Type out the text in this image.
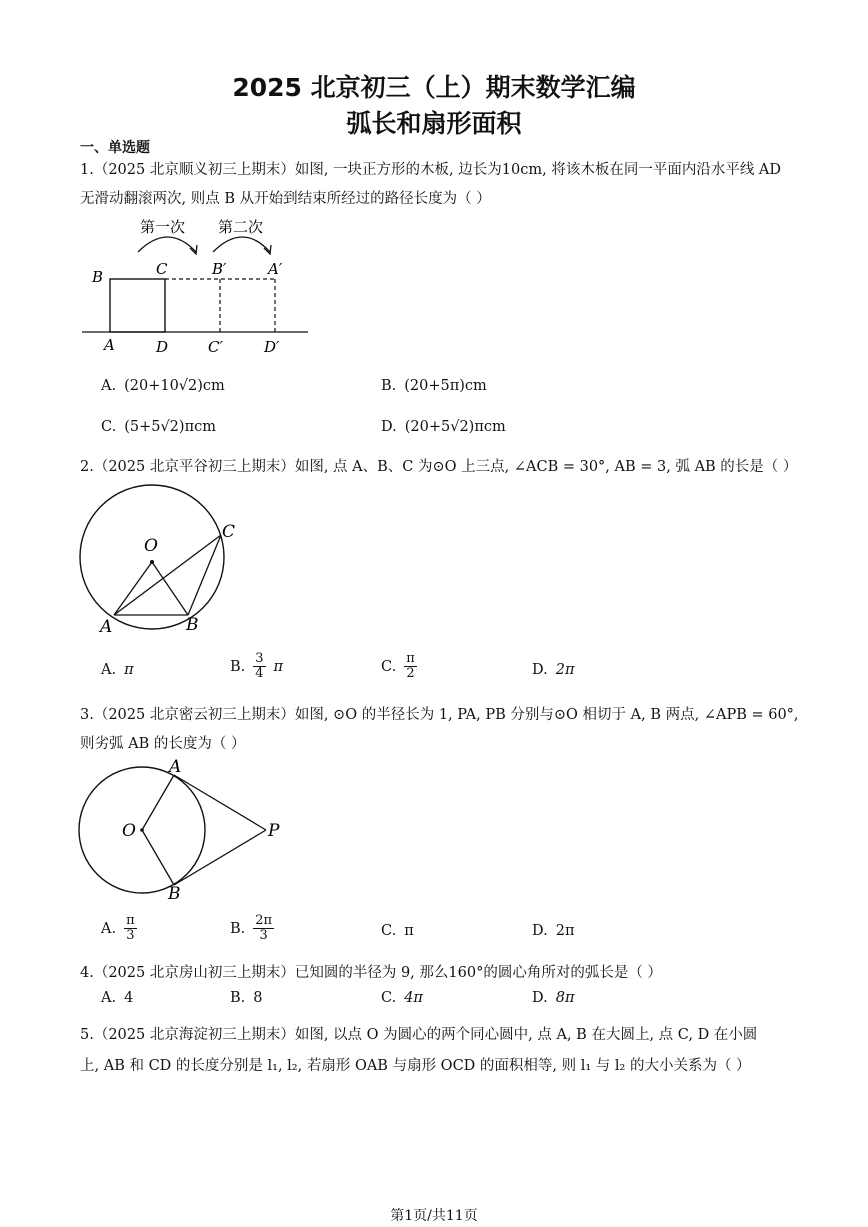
2025 北京初三（上）期末数学汇编
弧长和扇形面积
一、单选题
1.（2025 北京顺义初三上期末）如图, 一块正方形的木板, 边长为10cm, 将该木板在同一平面内沿水平线 AD
无滑动翻滚两次, 则点 B 从开始到结束所经过的路径长度为（ ）
第一次 第二次
B	C	B′	A′
A	D	C′	D′
A. (20+10√2)cm	B. (20+5π)cm
C. (5+5√2)πcm	D. (20+5√2)πcm
2.（2025 北京平谷初三上期末）如图, 点 A、B、C 为⊙O 上三点, ∠ACB = 30°, AB = 3, 弧 AB 的长是（ ）
O
A	B
C
A. π	B. $\frac{3}{4}$ π	C. $\frac{\pi}{2}$	D. 2π
3.（2025 北京密云初三上期末）如图, ⊙O 的半径长为 1, PA, PB 分别与⊙O 相切于 A, B 两点, ∠APB = 60°,
则劣弧 AB 的长度为（ ）
O
A
B
P
A. $\frac{\pi}{3}$	B. $\frac{2\pi}{3}$	C. π	D. 2π
4.（2025 北京房山初三上期末）已知圆的半径为 9, 那么160°的圆心角所对的弧长是（ ）
A. 4	B. 8	C. 4π	D. 8π
5.（2025 北京海淀初三上期末）如图, 以点 O 为圆心的两个同心圆中, 点 A, B 在大圆上, 点 C, D 在小圆
上, AB 和 CD 的长度分别是 l₁, l₂, 若扇形 OAB 与扇形 OCD 的面积相等, 则 l₁ 与 l₂ 的大小关系为（ ）
第1页/共11页
